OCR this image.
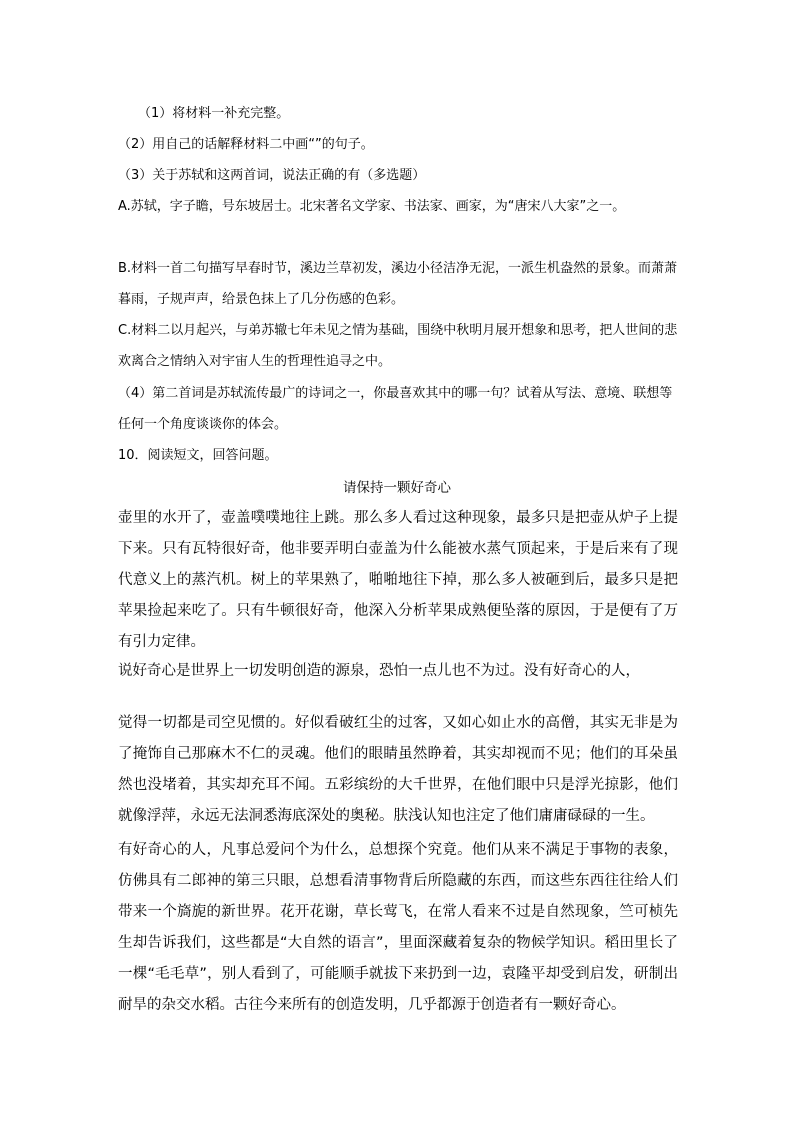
（1）将材料一补充完整。
（2）用自己的话解释材料二中画“”的句子。
（3）关于苏轼和这两首词，说法正确的有（多选题）
A.苏轼，字子瞻，号东坡居士。北宋著名文学家、书法家、画家，为“唐宋八大家”之一。
B.材料一首二句描写早春时节，溪边兰草初发，溪边小径洁净无泥，一派生机盎然的景象。而萧萧暮雨，子规声声，给景色抹上了几分伤感的色彩。
C.材料二以月起兴，与弟苏辙七年未见之情为基础，围绕中秋明月展开想象和思考，把人世间的悲欢离合之情纳入对宇宙人生的哲理性追寻之中。
（4）第二首词是苏轼流传最广的诗词之一，你最喜欢其中的哪一句？试着从写法、意境、联想等任何一个角度谈谈你的体会。
10．阅读短文，回答问题。
请保持一颗好奇心
壶里的水开了，壶盖噗噗地往上跳。那么多人看过这种现象，最多只是把壶从炉子上提下来。只有瓦特很好奇，他非要弄明白壶盖为什么能被水蒸气顶起来，于是后来有了现代意义上的蒸汽机。树上的苹果熟了，啪啪地往下掉，那么多人被砸到后，最多只是把苹果捡起来吃了。只有牛顿很好奇，他深入分析苹果成熟便坠落的原因，于是便有了万有引力定律。
说好奇心是世界上一切发明创造的源泉，恐怕一点儿也不为过。没有好奇心的人，
觉得一切都是司空见惯的。好似看破红尘的过客，又如心如止水的高僧，其实无非是为了掩饰自己那麻木不仁的灵魂。他们的眼睛虽然睁着，其实却视而不见；他们的耳朵虽然也没堵着，其实却充耳不闻。五彩缤纷的大千世界，在他们眼中只是浮光掠影，他们就像浮萍，永远无法洞悉海底深处的奥秘。肤浅认知也注定了他们庸庸碌碌的一生。
有好奇心的人，凡事总爱问个为什么，总想探个究竟。他们从来不满足于事物的表象，仿佛具有二郎神的第三只眼，总想看清事物背后所隐藏的东西，而这些东西往往给人们带来一个旖旎的新世界。花开花谢，草长莺飞，在常人看来不过是自然现象，竺可桢先生却告诉我们，这些都是“大自然的语言”，里面深藏着复杂的物候学知识。稻田里长了一棵“毛毛草”，别人看到了，可能顺手就拔下来扔到一边，袁隆平却受到启发，研制出耐旱的杂交水稻。古往今来所有的创造发明，几乎都源于创造者有一颗好奇心。
